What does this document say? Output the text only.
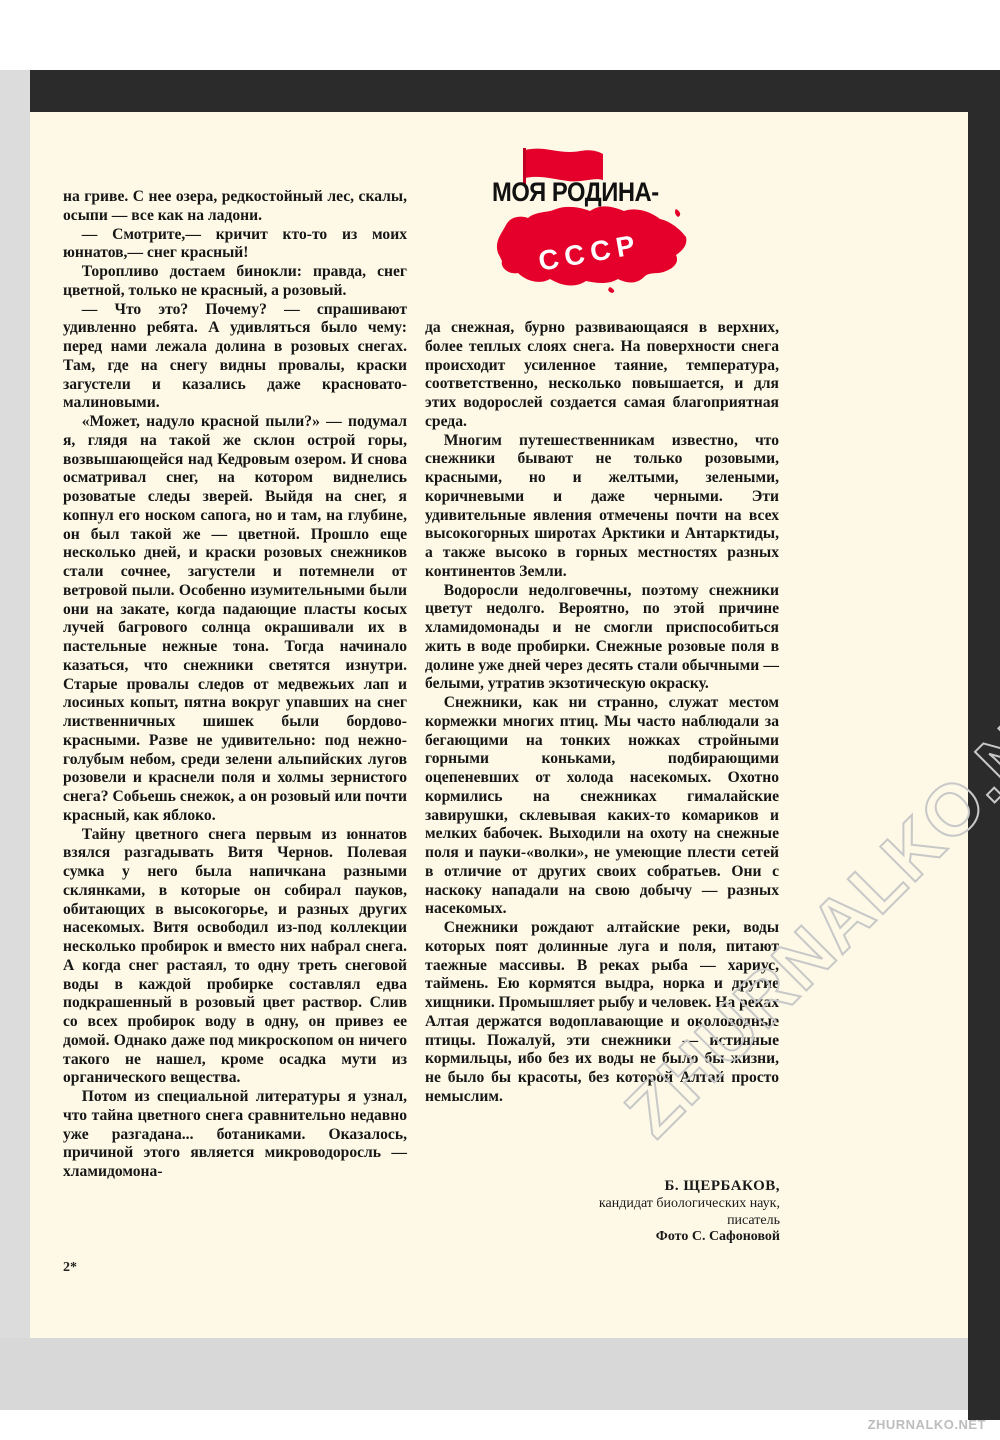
СССР
МОЯ РОДИНА-

на гриве. С нее озера, редкостойный лес, скалы, осыпи — все как на ладони.

— Смотрите,— кричит кто-то из моих юннатов,— снег красный!

Торопливо достаем бинокли: правда, снег цветной, только не красный, а розовый.

— Что это? Почему? — спрашивают удивленно ребята. А удивляться было чему: перед нами лежала долина в розовых снегах. Там, где на снегу видны провалы, краски загустели и казались даже красновато-малиновыми.

«Может, надуло красной пыли?» — подумал я, глядя на такой же склон острой горы, возвышающейся над Кедровым озером. И снова осматривал снег, на котором виднелись розоватые следы зверей. Выйдя на снег, я копнул его носком сапога, но и там, на глубине, он был такой же — цветной. Прошло еще несколько дней, и краски розовых снежников стали сочнее, загустели и потемнели от ветровой пыли. Особенно изумительными были они на закате, когда падающие пласты косых лучей багрового солнца окрашивали их в пастельные нежные тона. Тогда начинало казаться, что снежники светятся изнутри. Старые провалы следов от медвежьих лап и лосиных копыт, пятна вокруг упавших на снег лиственничных шишек были бордово-красными. Разве не удивительно: под нежно-голубым небом, среди зелени альпийских лугов розовели и краснели поля и холмы зернистого снега? Собьешь снежок, а он розовый или почти красный, как яблоко.

Тайну цветного снега первым из юннатов взялся разгадывать Витя Чернов. Полевая сумка у него была напичкана разными склянками, в которые он собирал пауков, обитающих в высокогорье, и разных других насекомых. Витя освободил из-под коллекции несколько пробирок и вместо них набрал снега. А когда снег растаял, то одну треть снеговой воды в каждой пробирке составлял едва подкрашенный в розовый цвет раствор. Слив со всех пробирок воду в одну, он привез ее домой. Однако даже под микроскопом он ничего такого не нашел, кроме осадка мути из органического вещества.

Потом из специальной литературы я узнал, что тайна цветного снега сравнительно недавно уже разгадана... ботаниками. Оказалось, причиной этого является микроводоросль — хламидомона-

да снежная, бурно развивающаяся в верхних, более теплых слоях снега. На поверхности снега происходит усиленное таяние, температура, соответственно, несколько повышается, и для этих водорослей создается самая благоприятная среда.

Многим путешественникам известно, что снежники бывают не только розовыми, красными, но и желтыми, зелеными, коричневыми и даже черными. Эти удивительные явления отмечены почти на всех высокогорных широтах Арктики и Антарктиды, а также высоко в горных местностях разных континентов Земли.

Водоросли недолговечны, поэтому снежники цветут недолго. Вероятно, по этой причине хламидомонады и не смогли приспособиться жить в воде пробирки. Снежные розовые поля в долине уже дней через десять стали обычными — белыми, утратив экзотическую окраску.

Снежники, как ни странно, служат местом кормежки многих птиц. Мы часто наблюдали за бегающими на тонких ножках стройными горными коньками, подбирающими оцепеневших от холода насекомых. Охотно кормились на снежниках гималайские завирушки, склевывая каких-то комариков и мелких бабочек. Выходили на охоту на снежные поля и пауки-«волки», не умеющие плести сетей в отличие от других своих собратьев. Они с наскоку нападали на свою добычу — разных насекомых.

Снежники рождают алтайские реки, воды которых поят долинные луга и поля, питают таежные массивы. В реках рыба — хариус, таймень. Ею кормятся выдра, норка и другие хищники. Промышляет рыбу и человек. На реках Алтая держатся водоплавающие и околоводные птицы. Пожалуй, эти снежники — истинные кормильцы, ибо без их воды не было бы жизни, не было бы красоты, без которой Алтай просто немыслим.

Б. ЩЕРБАКОВ,
кандидат биологических наук,
писатель
Фото С. Сафоновой
2*
ZHURNALKO.NET
